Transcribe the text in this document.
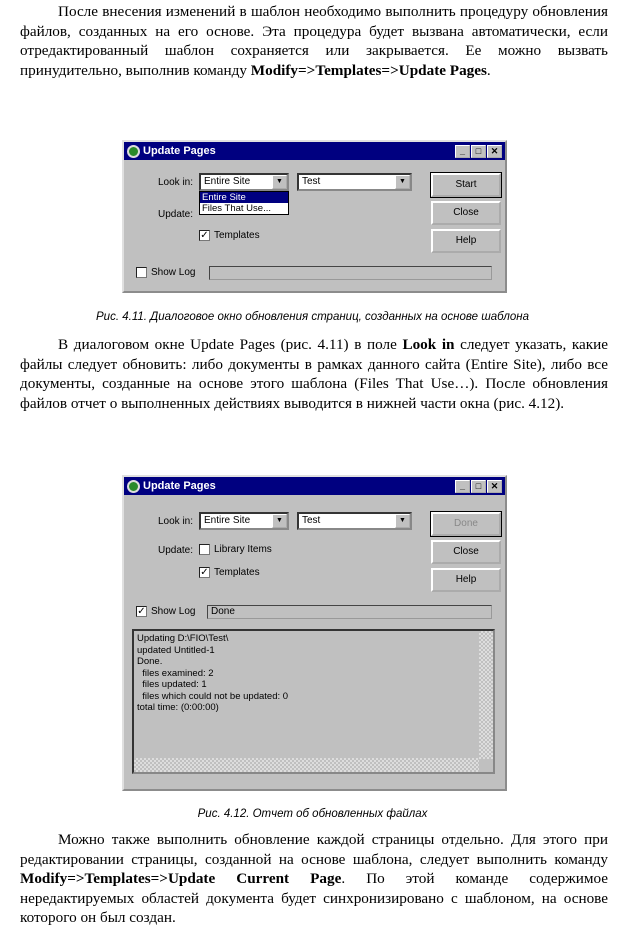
После внесения изменений в шаблон необходимо выполнить процедуру обновления файлов, созданных на его основе. Эта процедура будет вызвана автоматически, если отредактированный шаблон сохраняется или закрывается. Ее можно вызвать принудительно, выполнив команду Modify=>Templates=>Update Pages.

Update Pages	_	□	✕
Look in:	Entire Site	▼	Test	▼
Entire Site
Files That Use...
Update:
✓ Templates
Start
Close
Help
Show Log

Рис. 4.11. Диалоговое окно обновления страниц, созданных на основе шаблона

В диалоговом окне Update Pages (рис. 4.11) в поле Look in следует указать, какие файлы следует обновить: либо документы в рамках данного сайта (Entire Site), либо все документы, созданные на основе этого шаблона (Files That Use…). После обновления файлов отчет о выполненных действиях выводится в нижней части окна (рис. 4.12).

Update Pages	_	□	✕
Look in:	Entire Site	▼	Test	▼
Update:	Library Items
✓ Templates
Done
Close
Help
✓ Show Log	Done
Updating D:\FIO\Test\
updated Untitled-1
Done.
files examined: 2
files updated: 1
files which could not be updated: 0
total time: (0:00:00)

Рис. 4.12. Отчет об обновленных файлах

Можно также выполнить обновление каждой страницы отдельно. Для этого при редактировании страницы, созданной на основе шаблона, следует выполнить команду Modify=>Templates=>Update Current Page. По этой команде содержимое нередактируемых областей документа будет синхронизировано с шаблоном, на основе которого он был создан.
